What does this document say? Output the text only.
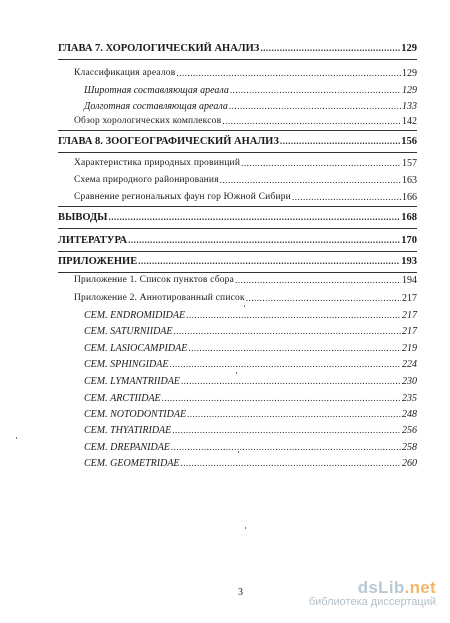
ГЛАВА 7. ХОРОЛОГИЧЕСКИЙ АНАЛИЗ .....	129
Классификация ареалов .....	129
Широтная составляющая ареала .....	129
Долготная составляющая ареала .....	133
Обзор хорологических комплексов .....	142
ГЛАВА 8. ЗООГЕОГРАФИЧЕСКИЙ АНАЛИЗ .....	156
Характеристика природных провинций .....	157
Схема природного районирования .....	163
Сравнение региональных фаун гор Южной Сибири .....	166
ВЫВОДЫ .....	168
ЛИТЕРАТУРА .....	170
ПРИЛОЖЕНИЕ .....	193
Приложение 1. Список пунктов сбора .....	194
Приложение 2. Аннотированный список .....	217
СЕМ. ENDROMIDIDAE .....	217
СЕМ. SATURNIIDAE .....	217
СЕМ. LASIOCAMPIDAE .....	219
СЕМ. SPHINGIDAE .....	224
СЕМ. LYMANTRIIDAE .....	230
СЕМ. ARCTIIDAE .....	235
СЕМ. NOTODONTIDAE .....	248
СЕМ. THYATIRIDAE .....	256
СЕМ. DREPANIDAE .....	258
СЕМ. GEOMETRIDAE .....	260
3	dsLib.net
библиотека диссертаций
